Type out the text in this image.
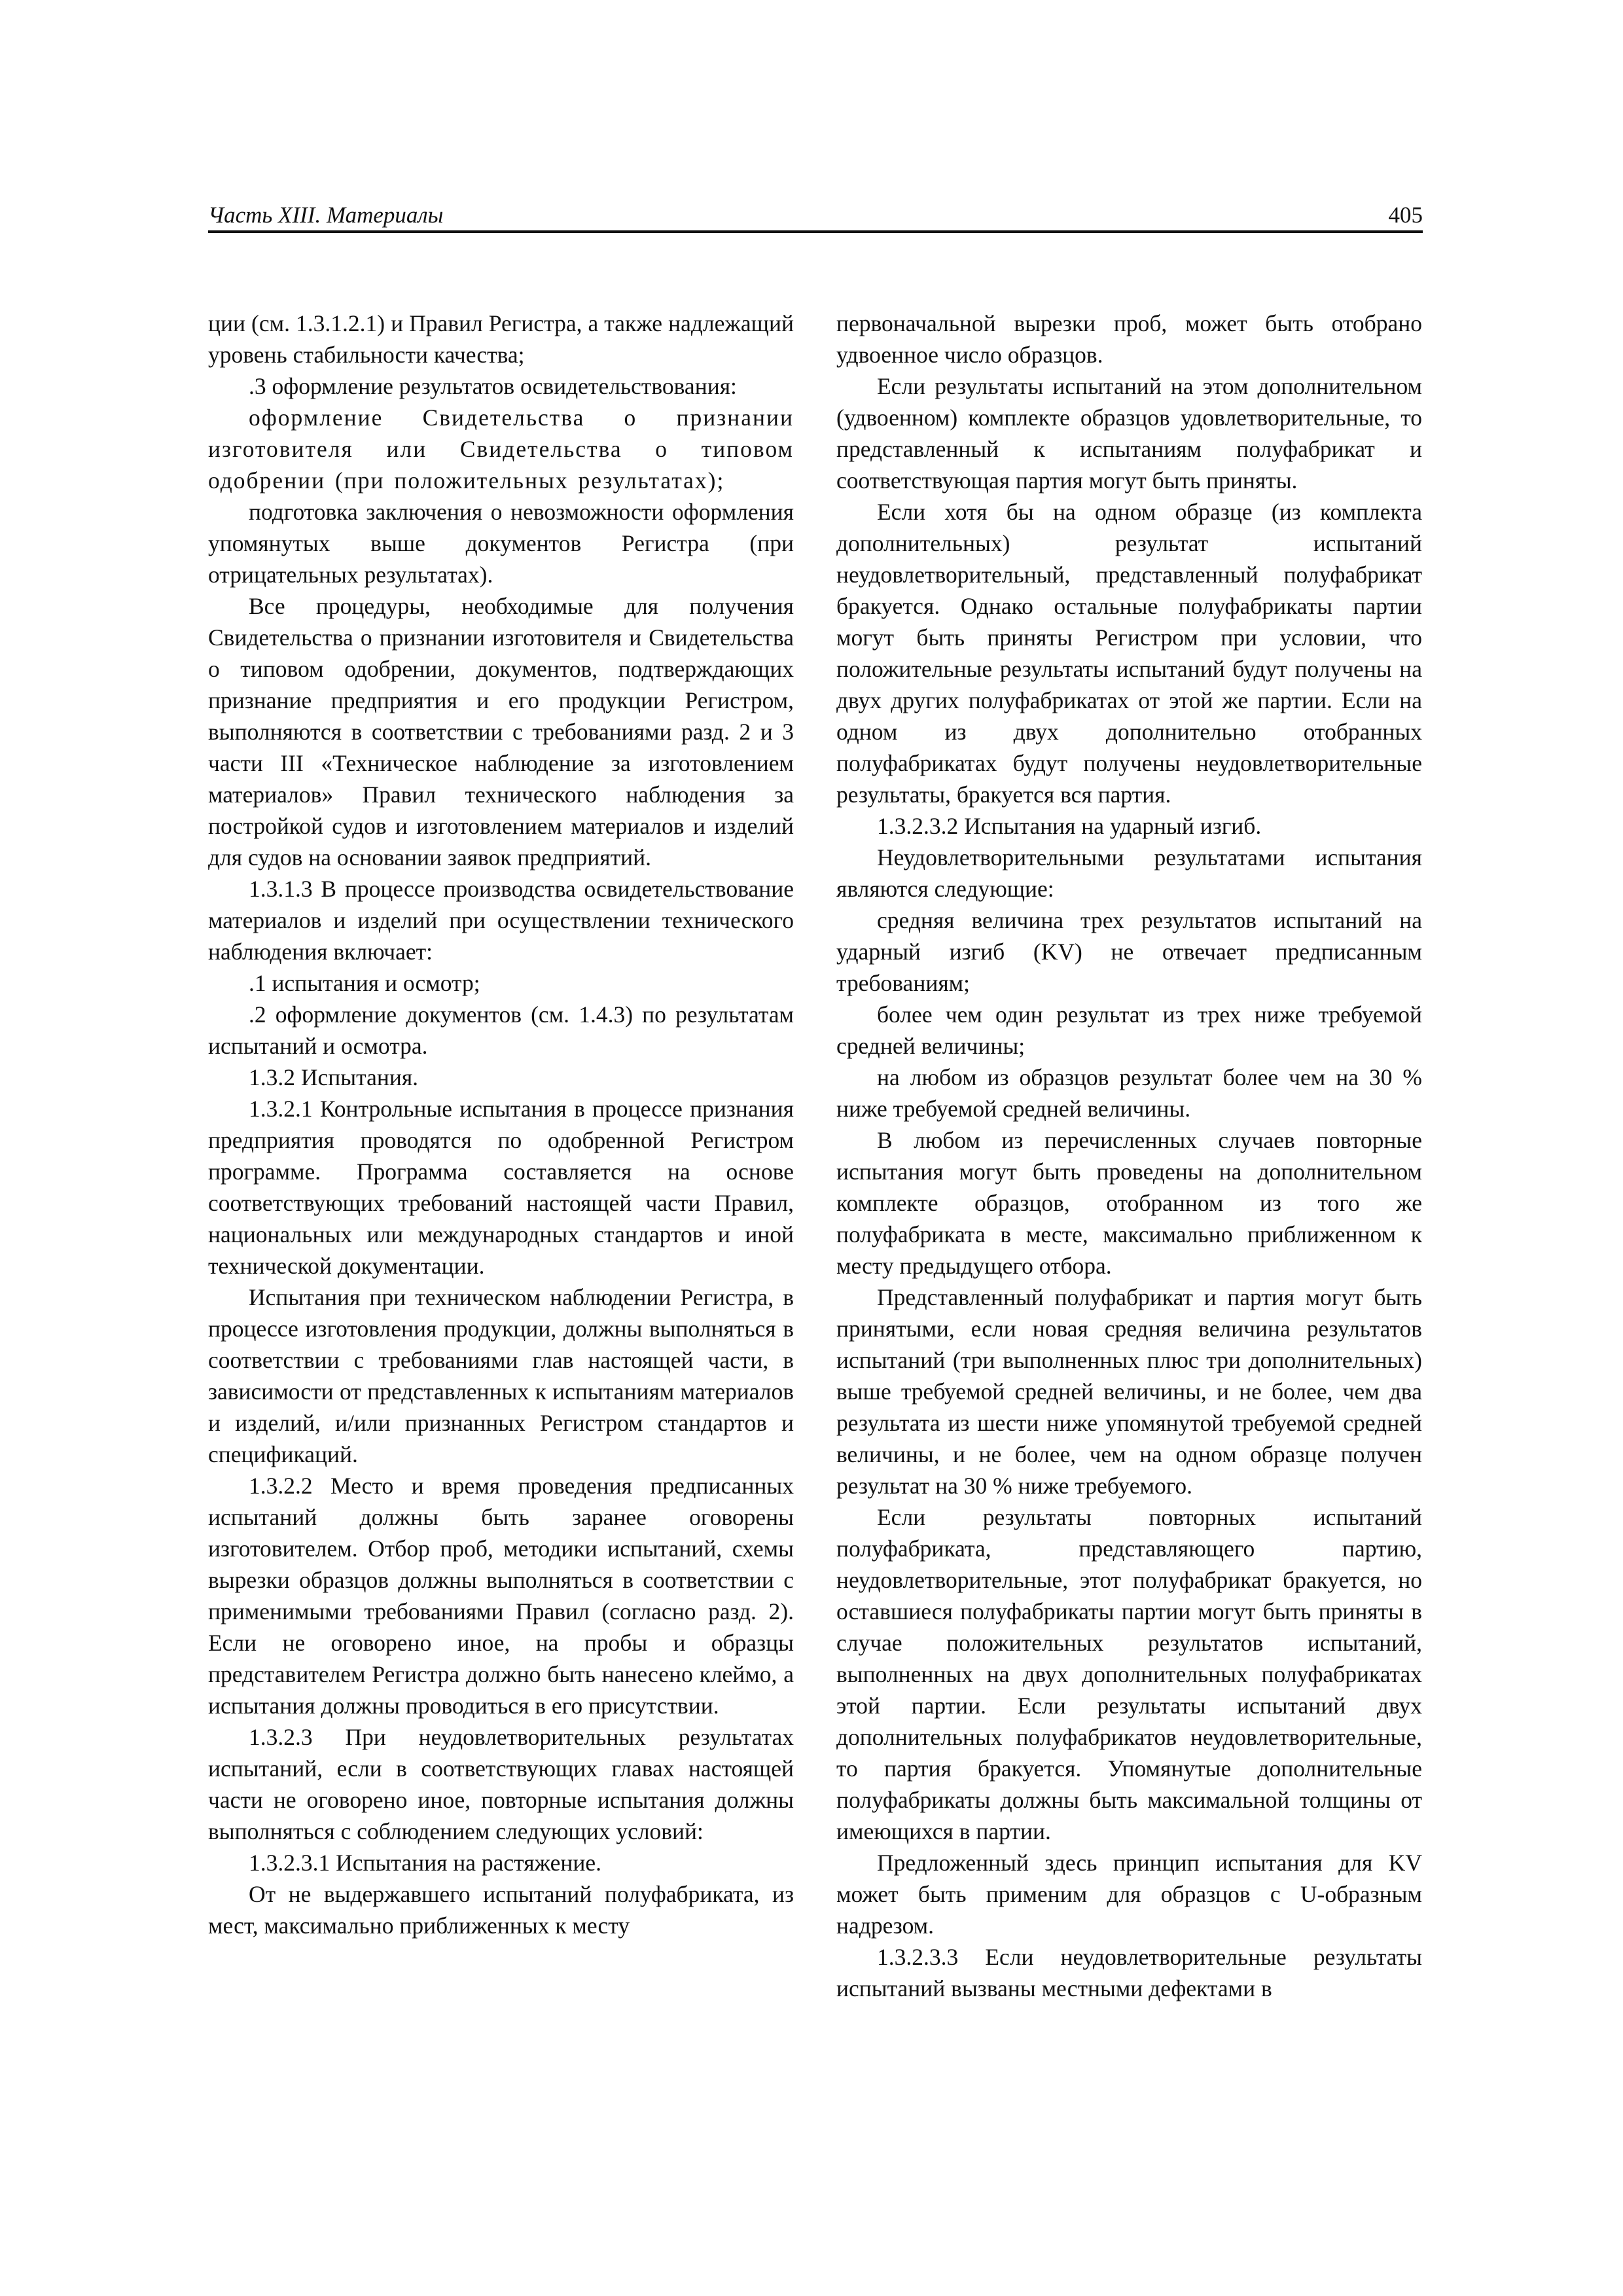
Часть XIII. Материалы	405

ции (см. 1.3.1.2.1) и Правил Регистра, а также надлежащий уровень стабильности качества;

.3 оформление результатов освидетельствования:

оформление Свидетельства о признании изготовителя или Свидетельства о типовом одобрении (при положительных результатах);

подготовка заключения о невозможности оформления упомянутых выше документов Регистра (при отрицательных результатах).

Все процедуры, необходимые для получения Свидетельства о признании изготовителя и Свидетельства о типовом одобрении, документов, подтверждающих признание предприятия и его продукции Регистром, выполняются в соответствии с требованиями разд. 2 и 3 части III «Техническое наблюдение за изготовлением материалов» Правил технического наблюдения за постройкой судов и изготовлением материалов и изделий для судов на основании заявок предприятий.

1.3.1.3 В процессе производства освидетельствование материалов и изделий при осуществлении технического наблюдения включает:

.1 испытания и осмотр;

.2 оформление документов (см. 1.4.3) по результатам испытаний и осмотра.

1.3.2 Испытания.

1.3.2.1 Контрольные испытания в процессе признания предприятия проводятся по одобренной Регистром программе. Программа составляется на основе соответствующих требований настоящей части Правил, национальных или международных стандартов и иной технической документации.

Испытания при техническом наблюдении Регистра, в процессе изготовления продукции, должны выполняться в соответствии с требованиями глав настоящей части, в зависимости от представленных к испытаниям материалов и изделий, и/или признанных Регистром стандартов и спецификаций.

1.3.2.2 Место и время проведения предписанных испытаний должны быть заранее оговорены изготовителем. Отбор проб, методики испытаний, схемы вырезки образцов должны выполняться в соответствии с применимыми требованиями Правил (согласно разд. 2). Если не оговорено иное, на пробы и образцы представителем Регистра должно быть нанесено клеймо, а испытания должны проводиться в его присутствии.

1.3.2.3 При неудовлетворительных результатах испытаний, если в соответствующих главах настоящей части не оговорено иное, повторные испытания должны выполняться с соблюдением следующих условий:

1.3.2.3.1 Испытания на растяжение.

От не выдержавшего испытаний полуфабриката, из мест, максимально приближенных к месту

первоначальной вырезки проб, может быть отобрано удвоенное число образцов.

Если результаты испытаний на этом дополнительном (удвоенном) комплекте образцов удовлетворительные, то представленный к испытаниям полуфабрикат и соответствующая партия могут быть приняты.

Если хотя бы на одном образце (из комплекта дополнительных) результат испытаний неудовлетворительный, представленный полуфабрикат бракуется. Однако остальные полуфабрикаты партии могут быть приняты Регистром при условии, что положительные результаты испытаний будут получены на двух других полуфабрикатах от этой же партии. Если на одном из двух дополнительно отобранных полуфабрикатах будут получены неудовлетворительные результаты, бракуется вся партия.

1.3.2.3.2 Испытания на ударный изгиб.

Неудовлетворительными результатами испытания являются следующие:

средняя величина трех результатов испытаний на ударный изгиб (KV) не отвечает предписанным требованиям;

более чем один результат из трех ниже требуемой средней величины;

на любом из образцов результат более чем на 30 % ниже требуемой средней величины.

В любом из перечисленных случаев повторные испытания могут быть проведены на дополнительном комплекте образцов, отобранном из того же полуфабриката в месте, максимально приближенном к месту предыдущего отбора.

Представленный полуфабрикат и партия могут быть принятыми, если новая средняя величина результатов испытаний (три выполненных плюс три дополнительных) выше требуемой средней величины, и не более, чем два результата из шести ниже упомянутой требуемой средней величины, и не более, чем на одном образце получен результат на 30 % ниже требуемого.

Если результаты повторных испытаний полуфабриката, представляющего партию, неудовлетворительные, этот полуфабрикат бракуется, но оставшиеся полуфабрикаты партии могут быть приняты в случае положительных результатов испытаний, выполненных на двух дополнительных полуфабрикатах этой партии. Если результаты испытаний двух дополнительных полуфабрикатов неудовлетворительные, то партия бракуется. Упомянутые дополнительные полуфабрикаты должны быть максимальной толщины от имеющихся в партии.

Предложенный здесь принцип испытания для KV может быть применим для образцов с U-образным надрезом.

1.3.2.3.3 Если неудовлетворительные результаты испытаний вызваны местными дефектами в
